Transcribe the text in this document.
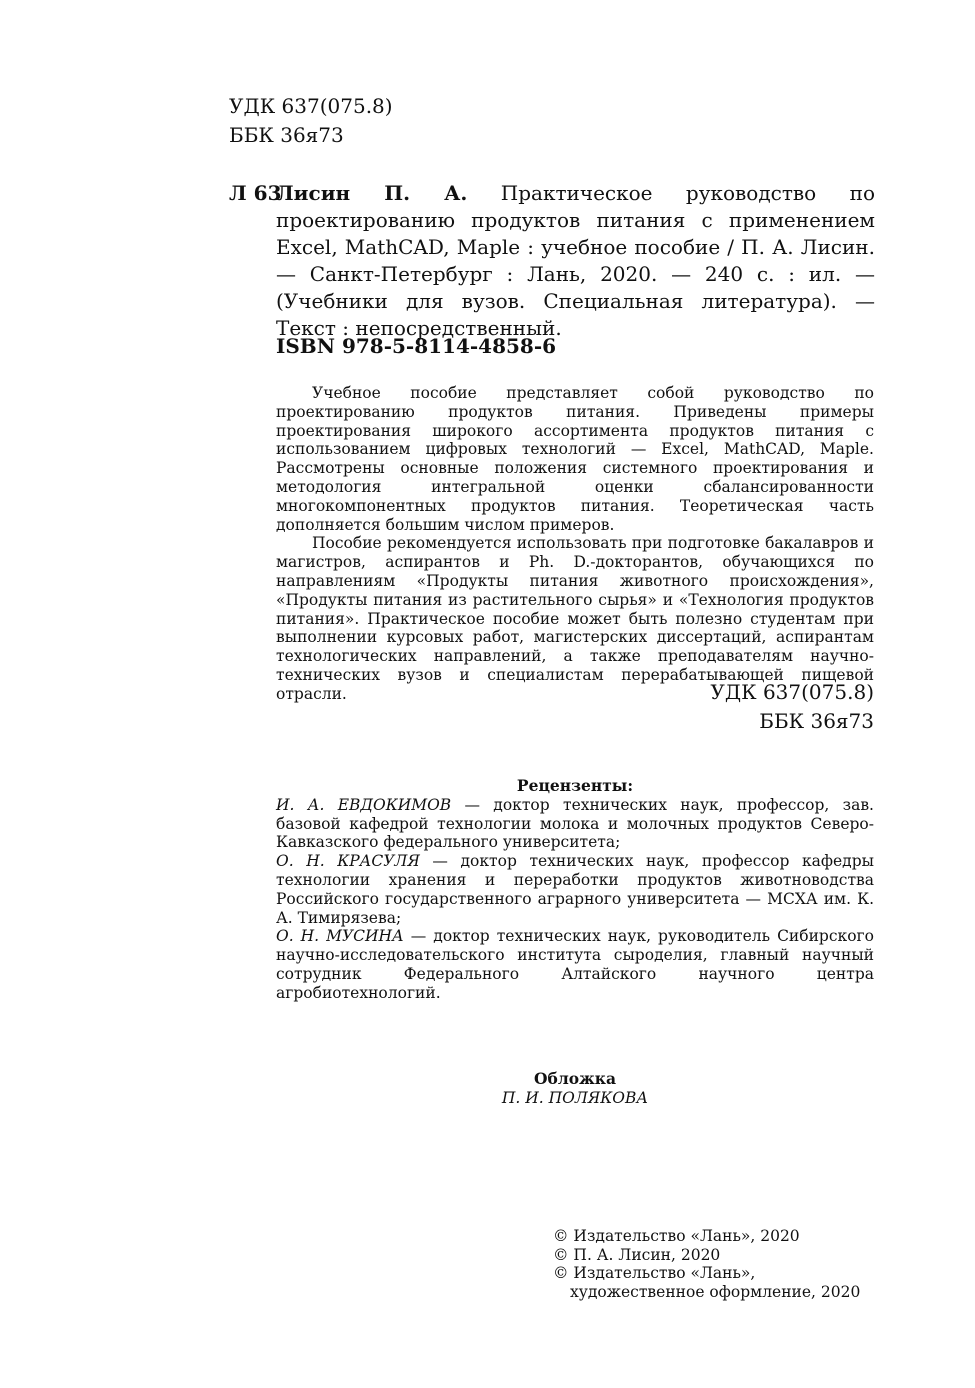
УДК 637(075.8)
ББК 36я73
Л 63
Лисин П. А. Практическое руководство по проектированию продуктов питания с применением Excel, MathCAD, Maple : учебное пособие / П. А. Лисин. — Санкт-Петербург : Лань, 2020. — 240 с. : ил. — (Учебники для вузов. Специальная литература). — Текст : непосредственный.
ISBN 978-5-8114-4858-6

Учебное пособие представляет собой руководство по проектированию продуктов питания. Приведены примеры проектирования широкого ассортимента продуктов питания с использованием цифровых технологий — Excel, MathCAD, Maple. Рассмотрены основные положения системного проектирования и методология интегральной оценки сбалансированности многокомпонентных продуктов питания. Теоретическая часть дополняется большим числом примеров.

Пособие рекомендуется использовать при подготовке бакалавров и магистров, аспирантов и Ph. D.-докторантов, обучающихся по направлениям «Продукты питания животного происхождения», «Продукты питания из растительного сырья» и «Технология продуктов питания». Практическое пособие может быть полезно студентам при выполнении курсовых работ, магистерских диссертаций, аспирантам технологических направлений, а также преподавателям научно-технических вузов и специалистам перерабатывающей пищевой отрасли.	УДК 637(075.8)
ББК 36я73
Рецензенты:

И. А. ЕВДОКИМОВ — доктор технических наук, профессор, зав. базовой кафедрой технологии молока и молочных продуктов Северо-Кавказского федерального университета;

О. Н. КРАСУЛЯ — доктор технических наук, профессор кафедры технологии хранения и переработки продуктов животноводства Российского государственного аграрного университета — МСХА им. К. А. Тимирязева;

О. Н. МУСИНА — доктор технических наук, руководитель Сибирского научно-исследовательского института сыроделия, главный научный сотрудник Федерального Алтайского научного центра агробиотехнологий.

Обложка
П. И. ПОЛЯКОВА
© Издательство «Лань», 2020
© П. А. Лисин, 2020
© Издательство «Лань»,
художественное оформление, 2020
